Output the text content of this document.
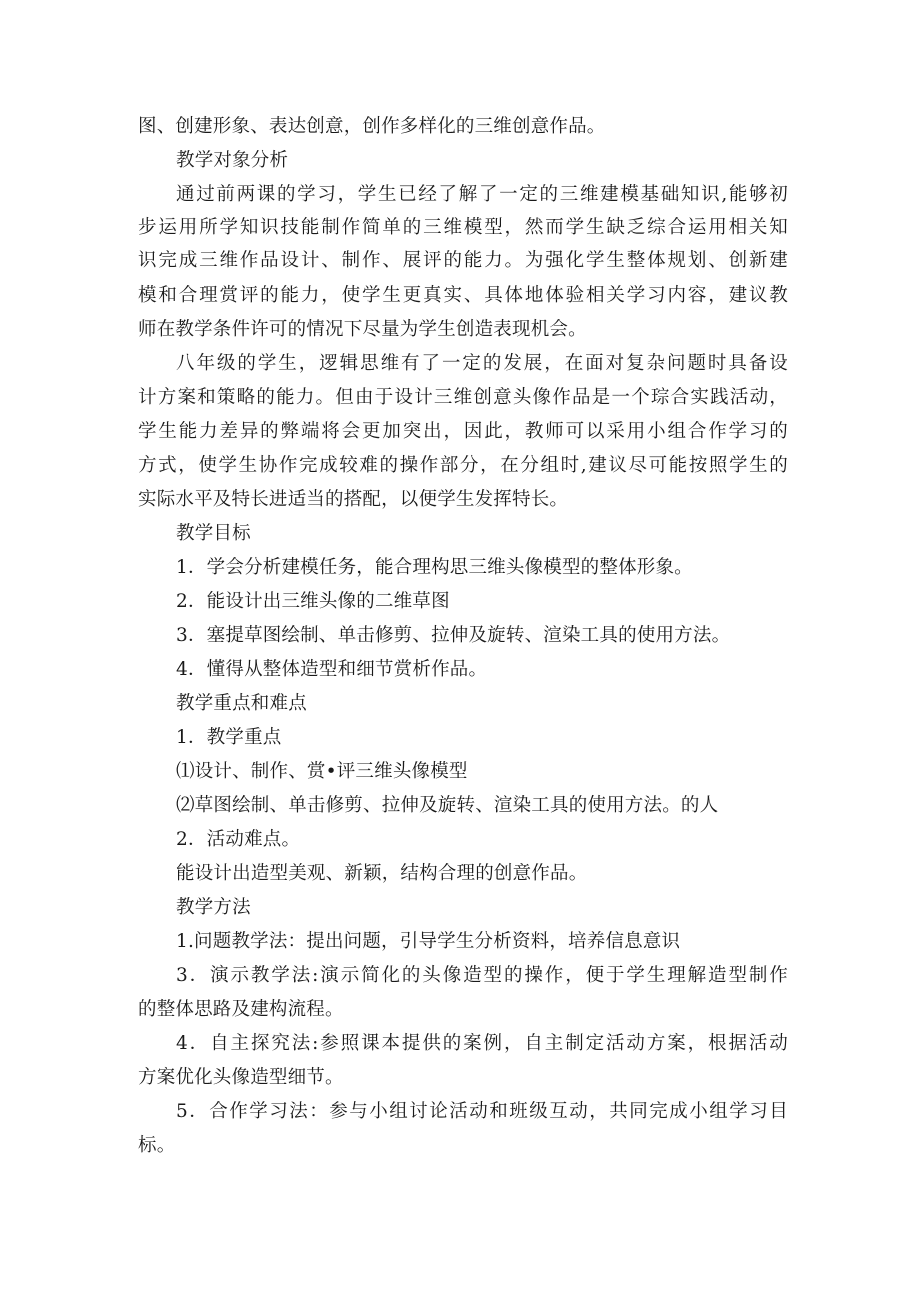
图、创建形象、表达创意，创作多样化的三维创意作品。
教学对象分析
通过前两课的学习，学生已经了解了一定的三维建模基础知识,能够初
步运用所学知识技能制作简单的三维模型，然而学生缺乏综合运用相关知
识完成三维作品设计、制作、展评的能力。为强化学生整体规划、创新建
模和合理赏评的能力，使学生更真实、具体地体验相关学习内容，建议教
师在教学条件许可的情况下尽量为学生创造表现机会。
八年级的学生，逻辑思维有了一定的发展，在面对复杂问题时具备设
计方案和策略的能力。但由于设计三维创意头像作品是一个琮合实践活动，
学生能力差异的弊端将会更加突出，因此，教师可以采用小组合作学习的
方式，使学生协作完成较难的操作部分，在分组时,建议尽可能按照学生的
实际水平及特长进适当的搭配，以便学生发挥特长。
教学目标
1．学会分析建模任务，能合理构思三维头像模型的整体形象。
2．能设计出三维头像的二维草图
3．塞提草图绘制、单击修剪、拉伸及旋转、渲染工具的使用方法。
4．懂得从整体造型和细节赏析作品。
教学重点和难点
1．教学重点
⑴设计、制作、赏•评三维头像模型
⑵草图绘制、单击修剪、拉伸及旋转、渲染工具的使用方法。的人
2．活动难点。
能设计出造型美观、新颖，结构合理的创意作品。
教学方法
1.问题教学法：提出问题，引导学生分析资料，培养信息意识
3．演示教学法:演示简化的头像造型的操作，便于学生理解造型制作
的整体思路及建构流程。
4．自主探究法:参照课本提供的案例，自主制定活动方案，根据活动
方案优化头像造型细节。
5．合作学习法：参与小组讨论活动和班级互动，共同完成小组学习目
标。
